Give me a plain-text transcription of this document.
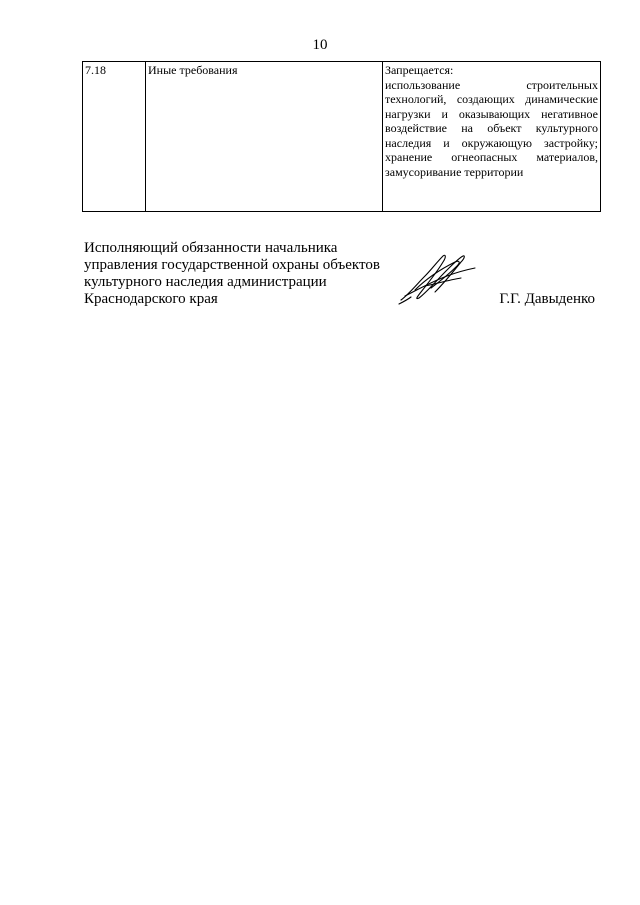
10
7.18	Иные требования	Запрещается:
использование строительных
технологий, создающих динамические
нагрузки и оказывающих негативное
воздействие на объект культурного
наследия и окружающую застройку;
хранение огнеопасных материалов,
замусоривание территории
Исполняющий обязанности начальника
управления государственной охраны объектов
культурного наследия администрации
Краснодарского края	Г.Г. Давыденко
